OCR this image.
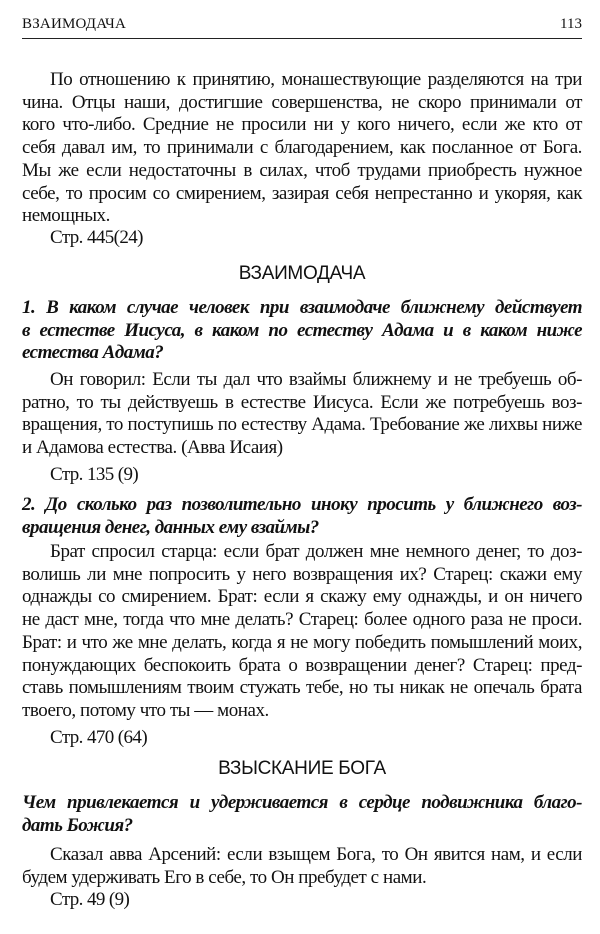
ВЗАИМОДАЧА	113
По отношению к принятию, монашествующие разделяются на три
чина. Отцы наши, достигшие совершенства, не скоро принимали от
кого что-либо. Средние не просили ни у кого ничего, если же кто от
себя давал им, то принимали с благодарением, как посланное от Бога.
Мы же если недостаточны в силах, чтоб трудами приобресть нужное
себе, то просим со смирением, зазирая себя непрестанно и укоряя, как
немощных.
Стр. 445(24)
ВЗАИМОДАЧА
1. В каком случае человек при взаимодаче ближнему действует
в естестве Иисуса, в каком по естеству Адама и в каком ниже
естества Адама?
Он говорил: Если ты дал что взаймы ближнему и не требуешь об-
ратно, то ты действуешь в естестве Иисуса. Если же потребуешь воз-
вращения, то поступишь по естеству Адама. Требование же лихвы ниже
и Адамова естества. (Авва Исаия)
Стр. 135 (9)
2. До сколько раз позволительно иноку просить у ближнего воз-
вращения денег, данных ему взаймы?
Брат спросил старца: если брат должен мне немного денег, то доз-
волишь ли мне попросить у него возвращения их? Старец: скажи ему
однажды со смирением. Брат: если я скажу ему однажды, и он ничего
не даст мне, тогда что мне делать? Старец: более одного раза не проси.
Брат: и что же мне делать, когда я не могу победить помышлений моих,
понуждающих беспокоить брата о возвращении денег? Старец: пред-
ставь помышлениям твоим стужать тебе, но ты никак не опечаль брата
твоего, потому что ты — монах.
Стр. 470 (64)
ВЗЫСКАНИЕ БОГА
Чем привлекается и удерживается в сердце подвижника благо-
дать Божия?
Сказал авва Арсений: если взыщем Бога, то Он явится нам, и если
будем удерживать Его в себе, то Он пребудет с нами.
Стр. 49 (9)
